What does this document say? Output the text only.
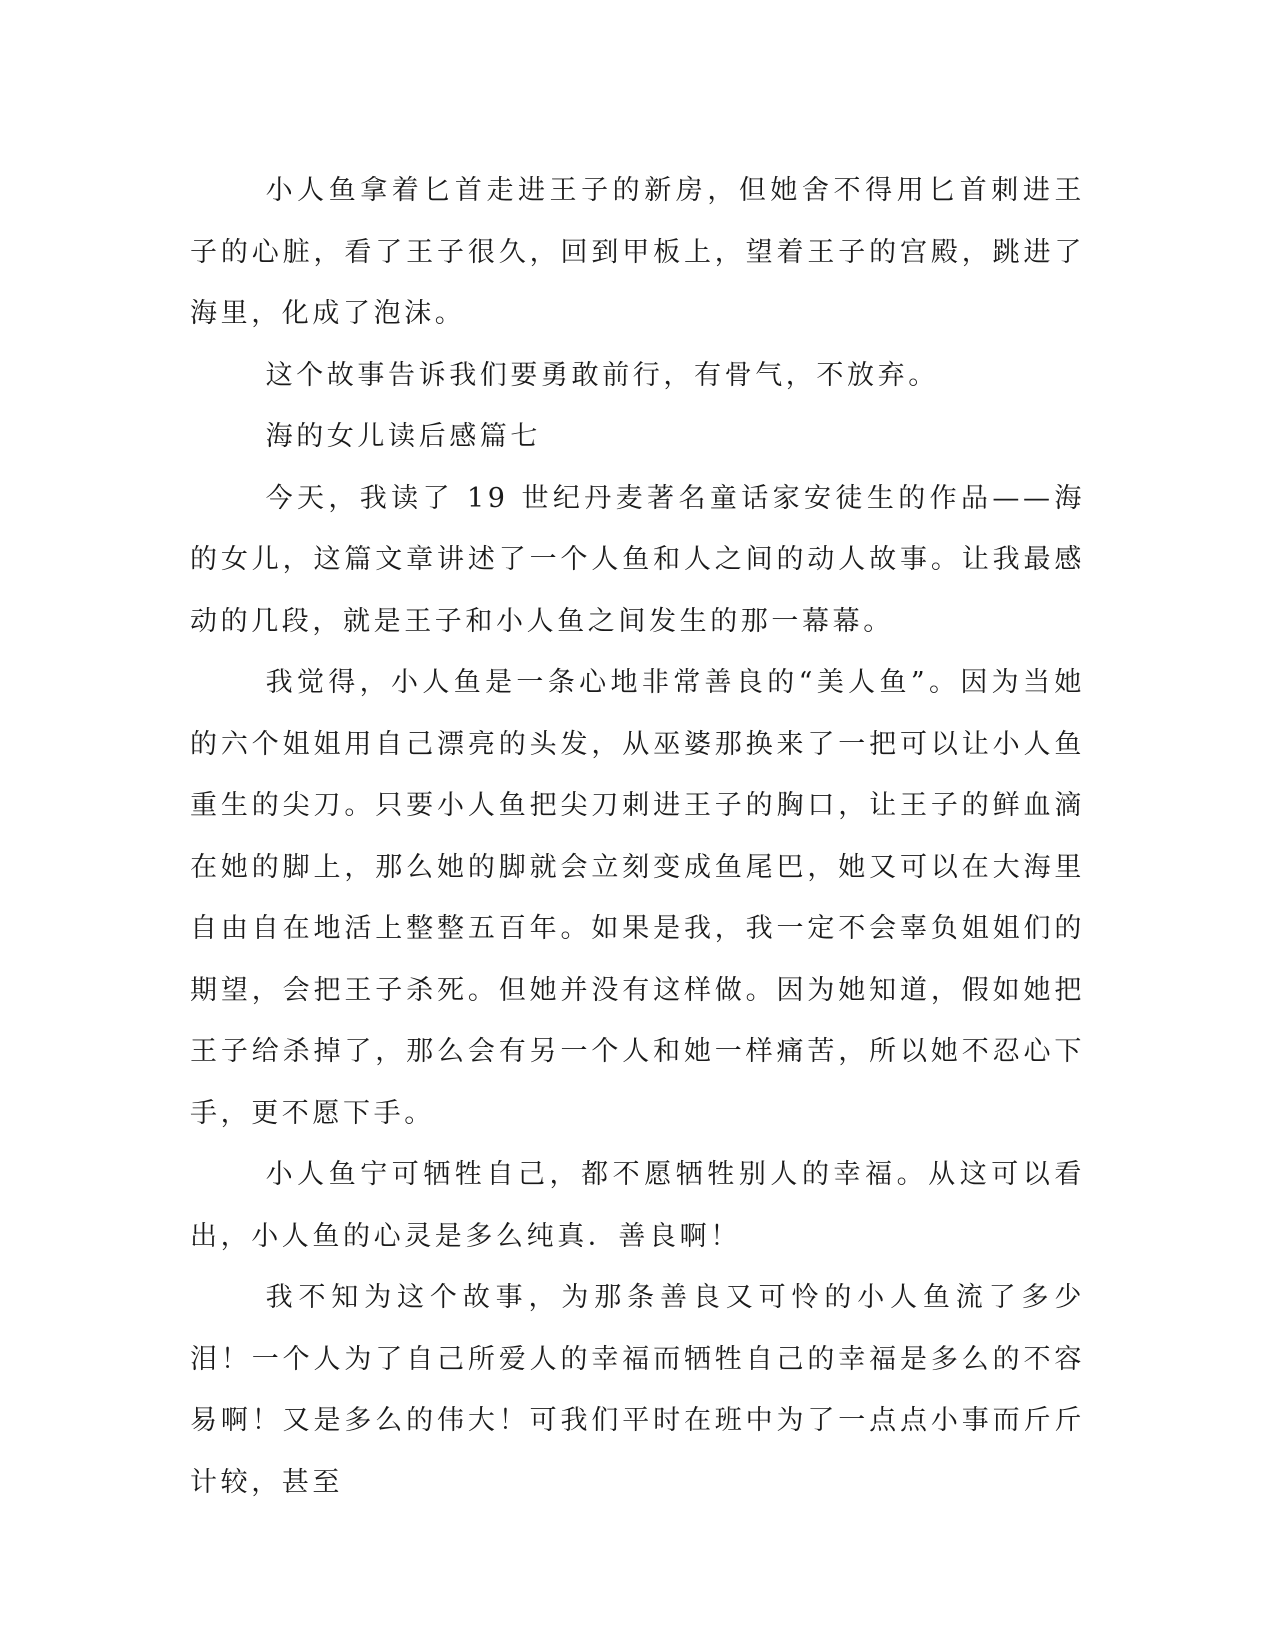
小人鱼拿着匕首走进王子的新房，但她舍不得用匕首刺进王子的心脏，看了王子很久，回到甲板上，望着王子的宫殿，跳进了海里，化成了泡沫。

这个故事告诉我们要勇敢前行，有骨气，不放弃。

海的女儿读后感篇七

今天，我读了 19 世纪丹麦著名童话家安徒生的作品——海的女儿，这篇文章讲述了一个人鱼和人之间的动人故事。让我最感动的几段，就是王子和小人鱼之间发生的那一幕幕。

我觉得，小人鱼是一条心地非常善良的“美人鱼”。因为当她的六个姐姐用自己漂亮的头发，从巫婆那换来了一把可以让小人鱼重生的尖刀。只要小人鱼把尖刀刺进王子的胸口，让王子的鲜血滴在她的脚上，那么她的脚就会立刻变成鱼尾巴，她又可以在大海里自由自在地活上整整五百年。如果是我，我一定不会辜负姐姐们的期望，会把王子杀死。但她并没有这样做。因为她知道，假如她把王子给杀掉了，那么会有另一个人和她一样痛苦，所以她不忍心下手，更不愿下手。

小人鱼宁可牺牲自己，都不愿牺牲别人的幸福。从这可以看出，小人鱼的心灵是多么纯真．善良啊！

我不知为这个故事，为那条善良又可怜的小人鱼流了多少泪！一个人为了自己所爱人的幸福而牺牲自己的幸福是多么的不容易啊！又是多么的伟大！可我们平时在班中为了一点点小事而斤斤计较，甚至
